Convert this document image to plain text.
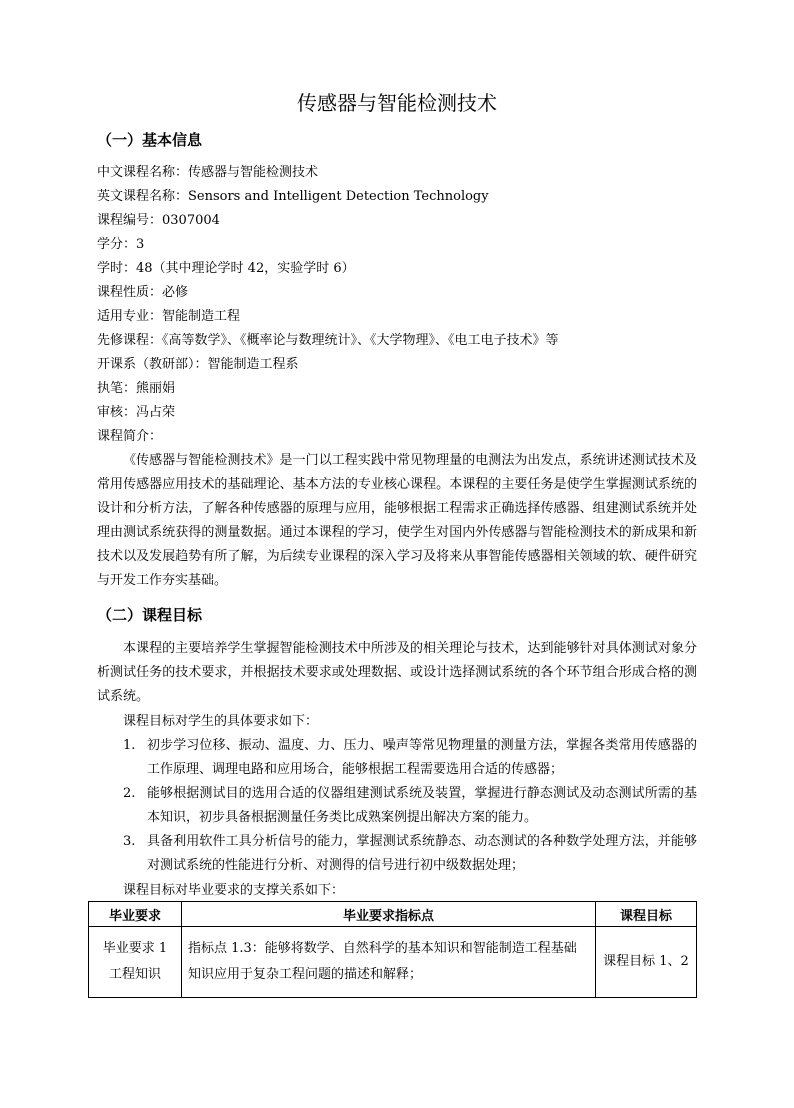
传感器与智能检测技术
（一）基本信息
中文课程名称：传感器与智能检测技术
英文课程名称：Sensors and Intelligent Detection Technology
课程编号：0307004
学分：3
学时：48（其中理论学时 42，实验学时 6）
课程性质：必修
适用专业：智能制造工程
先修课程：《高等数学》、《概率论与数理统计》、《大学物理》、《电工电子技术》等
开课系（教研部）：智能制造工程系
执笔：熊丽娟
审核：冯占荣
课程简介：

《传感器与智能检测技术》是一门以工程实践中常见物理量的电测法为出发点，系统讲述测试技术及常用传感器应用技术的基础理论、基本方法的专业核心课程。本课程的主要任务是使学生掌握测试系统的设计和分析方法，了解各种传感器的原理与应用，能够根据工程需求正确选择传感器、组建测试系统并处理由测试系统获得的测量数据。通过本课程的学习，使学生对国内外传感器与智能检测技术的新成果和新技术以及发展趋势有所了解，为后续专业课程的深入学习及将来从事智能传感器相关领域的软、硬件研究与开发工作夯实基础。

（二）课程目标

本课程的主要培养学生掌握智能检测技术中所涉及的相关理论与技术，达到能够针对具体测试对象分析测试任务的技术要求，并根据技术要求或处理数据、或设计选择测试系统的各个环节组合形成合格的测试系统。

课程目标对学生的具体要求如下：
1. 初步学习位移、振动、温度、力、压力、噪声等常见物理量的测量方法，掌握各类常用传感器的工作原理、调理电路和应用场合，能够根据工程需要选用合适的传感器；
2. 能够根据测试目的选用合适的仪器组建测试系统及装置，掌握进行静态测试及动态测试所需的基本知识，初步具备根据测量任务类比成熟案例提出解决方案的能力。
3. 具备利用软件工具分析信号的能力，掌握测试系统静态、动态测试的各种数学处理方法，并能够对测试系统的性能进行分析、对测得的信号进行初中级数据处理；
课程目标对毕业要求的支撑关系如下：
毕业要求	毕业要求指标点	课程目标

毕业要求 1
工程知识	指标点 1.3：能够将数学、自然科学的基本知识和智能制造工程基础知识应用于复杂工程问题的描述和解释；	课程目标 1、2
